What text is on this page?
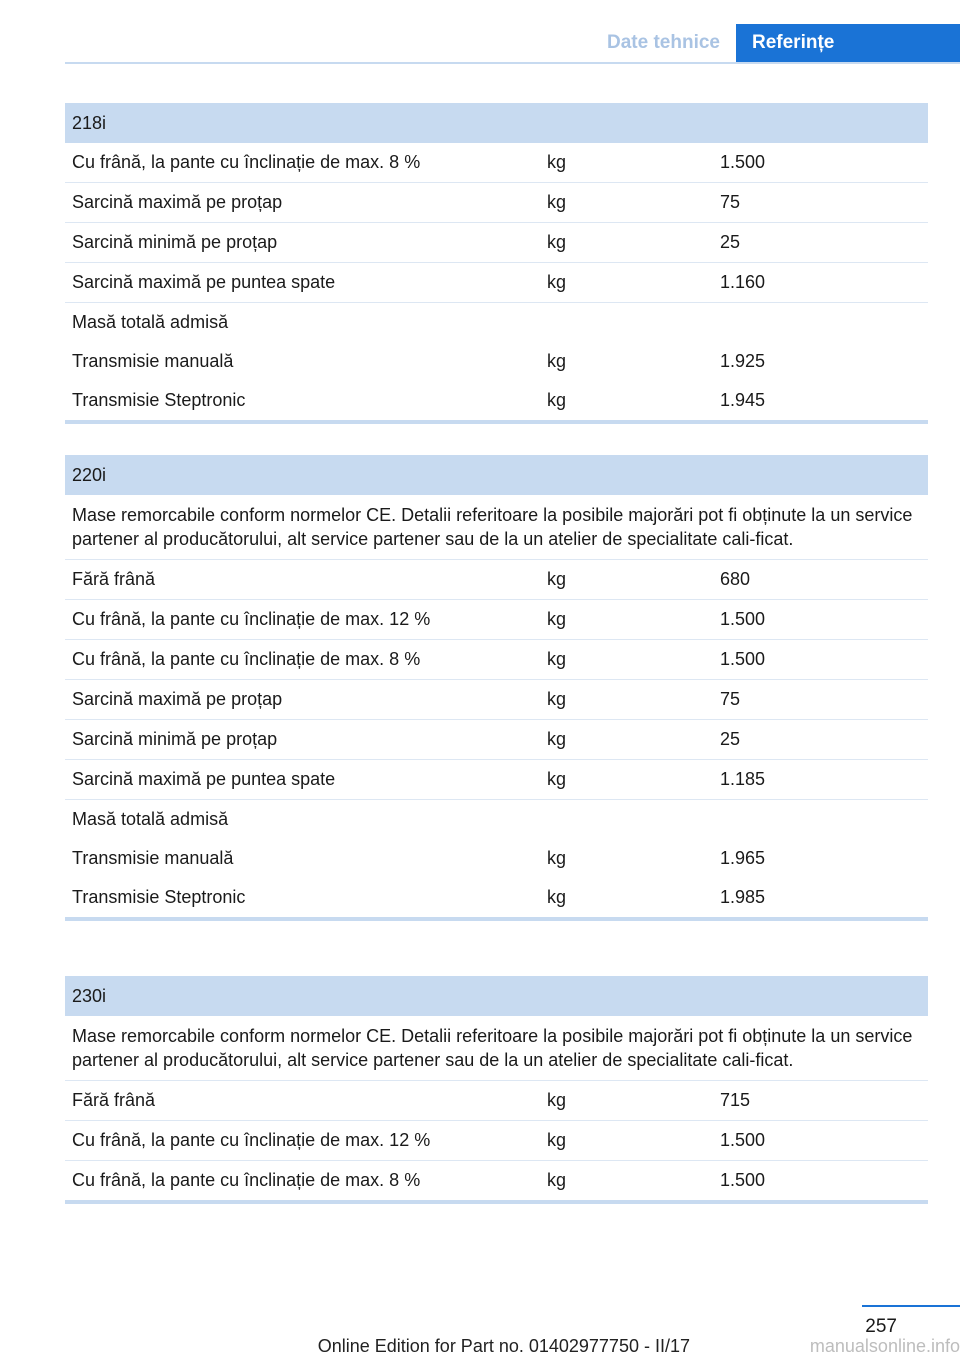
Date tehnice	Referințe
218i		
Cu frână, la pante cu înclinație de max. 8 %	kg	1.500
Sarcină maximă pe proțap	kg	75
Sarcină minimă pe proțap	kg	25
Sarcină maximă pe puntea spate	kg	1.160
Masă totală admisă		
Transmisie manuală	kg	1.925
Transmisie Steptronic	kg	1.945
220i		
Mase remorcabile conform normelor CE. Detalii referitoare la posibile majorări pot fi obținute la un service partener al producătorului, alt service partener sau de la un atelier de specialitate cali-ficat.		
Fără frână	kg	680
Cu frână, la pante cu înclinație de max. 12 %	kg	1.500
Cu frână, la pante cu înclinație de max. 8 %	kg	1.500
Sarcină maximă pe proțap	kg	75
Sarcină minimă pe proțap	kg	25
Sarcină maximă pe puntea spate	kg	1.185
Masă totală admisă		
Transmisie manuală	kg	1.965
Transmisie Steptronic	kg	1.985
230i		
Mase remorcabile conform normelor CE. Detalii referitoare la posibile majorări pot fi obținute la un service partener al producătorului, alt service partener sau de la un atelier de specialitate cali-ficat.		
Fără frână	kg	715
Cu frână, la pante cu înclinație de max. 12 %	kg	1.500
Cu frână, la pante cu înclinație de max. 8 %	kg	1.500
257
Online Edition for Part no. 01402977750 - II/17	manualsonline.info
